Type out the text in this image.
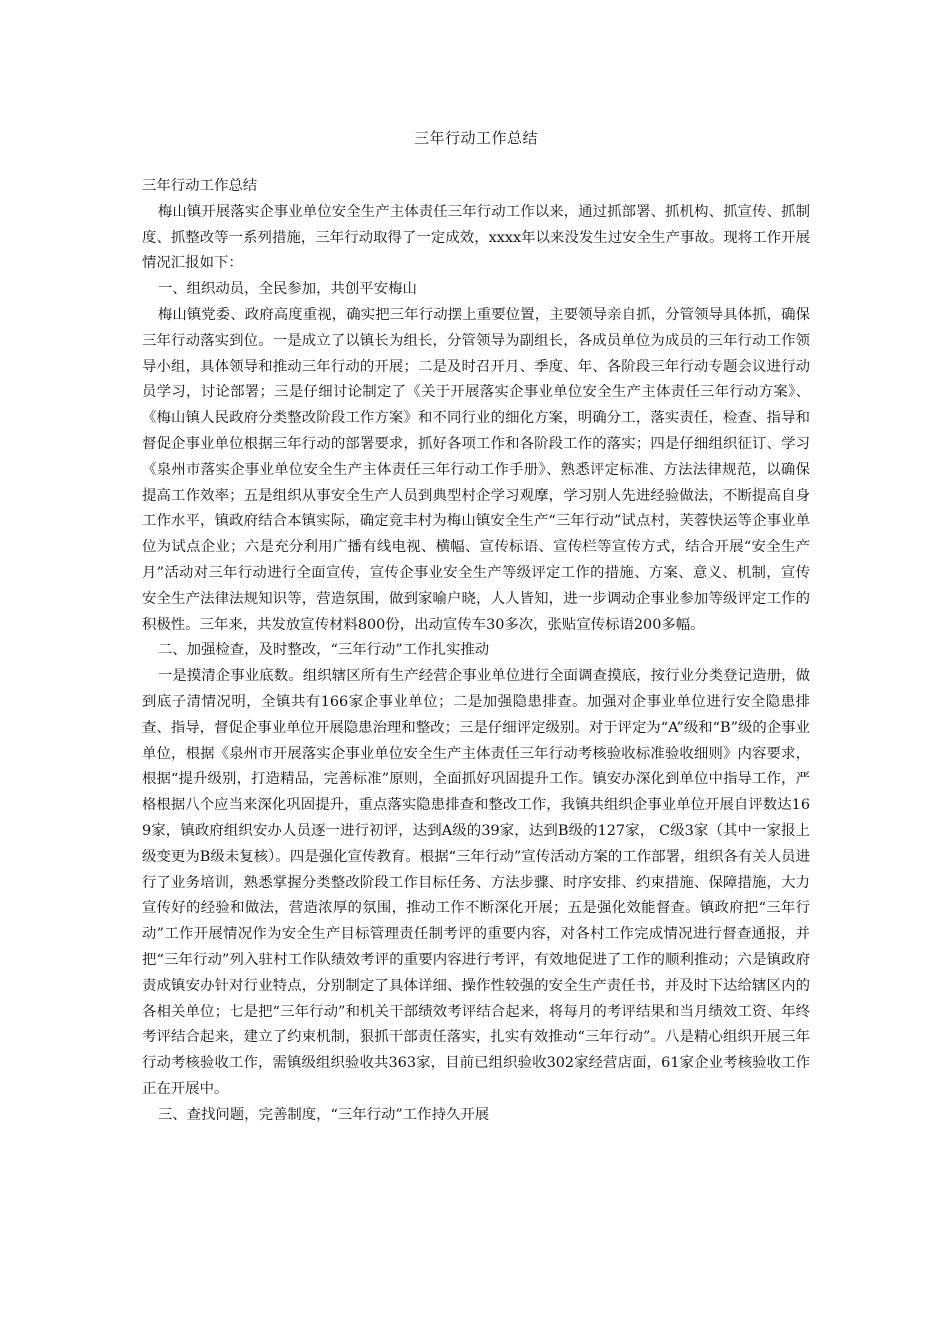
三年行动工作总结

三年行动工作总结

梅山镇开展落实企事业单位安全生产主体责任三年行动工作以来，通过抓部署、抓机构、抓宣传、抓制度、抓整改等一系列措施，三年行动取得了一定成效，xxxx年以来没发生过安全生产事故。现将工作开展情况汇报如下：

一、组织动员，全民参加，共创平安梅山

梅山镇党委、政府高度重视，确实把三年行动摆上重要位置，主要领导亲自抓，分管领导具体抓，确保三年行动落实到位。一是成立了以镇长为组长，分管领导为副组长，各成员单位为成员的三年行动工作领导小组，具体领导和推动三年行动的开展；二是及时召开月、季度、年、各阶段三年行动专题会议进行动员学习，讨论部署；三是仔细讨论制定了《关于开展落实企事业单位安全生产主体责任三年行动方案》、《梅山镇人民政府分类整改阶段工作方案》和不同行业的细化方案，明确分工，落实责任，检查、指导和督促企事业单位根据三年行动的部署要求，抓好各项工作和各阶段工作的落实；四是仔细组织征订、学习《泉州市落实企事业单位安全生产主体责任三年行动工作手册》、熟悉评定标准、方法法律规范，以确保提高工作效率；五是组织从事安全生产人员到典型村企学习观摩，学习别人先进经验做法，不断提高自身工作水平，镇政府结合本镇实际，确定竞丰村为梅山镇安全生产“三年行动”试点村，芙蓉快运等企事业单位为试点企业；六是充分利用广播有线电视、横幅、宣传标语、宣传栏等宣传方式，结合开展“安全生产月”活动对三年行动进行全面宣传，宣传企事业安全生产等级评定工作的措施、方案、意义、机制，宣传安全生产法律法规知识等，营造氛围，做到家喻户晓，人人皆知，进一步调动企事业参加等级评定工作的积极性。三年来，共发放宣传材料800份，出动宣传车30多次，张贴宣传标语200多幅。

二、加强检查，及时整改，“三年行动”工作扎实推动

一是摸清企事业底数。组织辖区所有生产经营企事业单位进行全面调查摸底，按行业分类登记造册，做到底子清情况明，全镇共有166家企事业单位；二是加强隐患排查。加强对企事业单位进行安全隐患排查、指导，督促企事业单位开展隐患治理和整改；三是仔细评定级别。对于评定为“A”级和“B”级的企事业单位，根据《泉州市开展落实企事业单位安全生产主体责任三年行动考核验收标准验收细则》内容要求，根据“提升级别，打造精品，完善标准”原则，全面抓好巩固提升工作。镇安办深化到单位中指导工作，严格根据八个应当来深化巩固提升，重点落实隐患排查和整改工作，我镇共组织企事业单位开展自评数达169家，镇政府组织安办人员逐一进行初评，达到A级的39家，达到B级的127家， C级3家（其中一家报上级变更为B级未复核）。四是强化宣传教育。根据“三年行动”宣传活动方案的工作部署，组织各有关人员进行了业务培训，熟悉掌握分类整改阶段工作目标任务、方法步骤、时序安排、约束措施、保障措施，大力宣传好的经验和做法，营造浓厚的氛围，推动工作不断深化开展；五是强化效能督查。镇政府把“三年行动”工作开展情况作为安全生产目标管理责任制考评的重要内容，对各村工作完成情况进行督查通报，并把“三年行动”列入驻村工作队绩效考评的重要内容进行考评，有效地促进了工作的顺利推动；六是镇政府责成镇安办针对行业特点，分别制定了具体详细、操作性较强的安全生产责任书，并及时下达给辖区内的各相关单位；七是把“三年行动”和机关干部绩效考评结合起来，将每月的考评结果和当月绩效工资、年终考评结合起来，建立了约束机制，狠抓干部责任落实，扎实有效推动“三年行动”。八是精心组织开展三年行动考核验收工作，需镇级组织验收共363家，目前已组织验收302家经营店面，61家企业考核验收工作正在开展中。

三、查找问题，完善制度，“三年行动”工作持久开展
